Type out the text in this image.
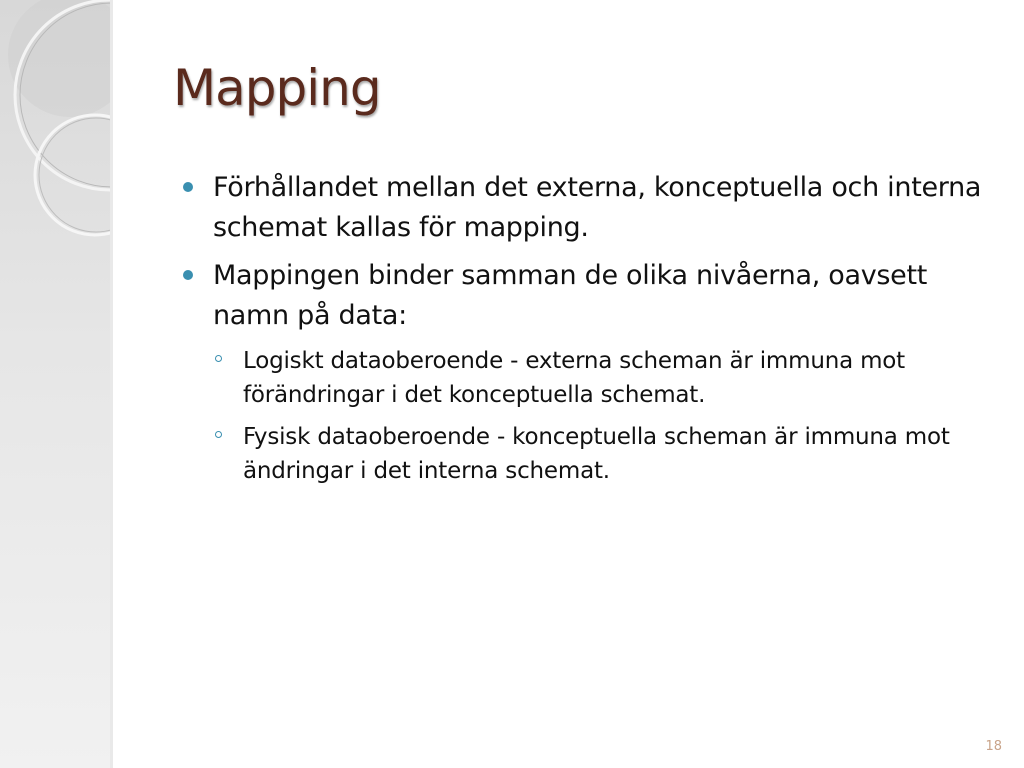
Mapping
Förhållandet mellan det externa, konceptuella och interna schemat kallas för mapping.
Mappingen binder samman de olika nivåerna, oavsett namn på data:
Logiskt dataoberoende - externa scheman är immuna mot förändringar i det konceptuella schemat.
Fysisk dataoberoende - konceptuella scheman är immuna mot ändringar i det interna schemat.
18
